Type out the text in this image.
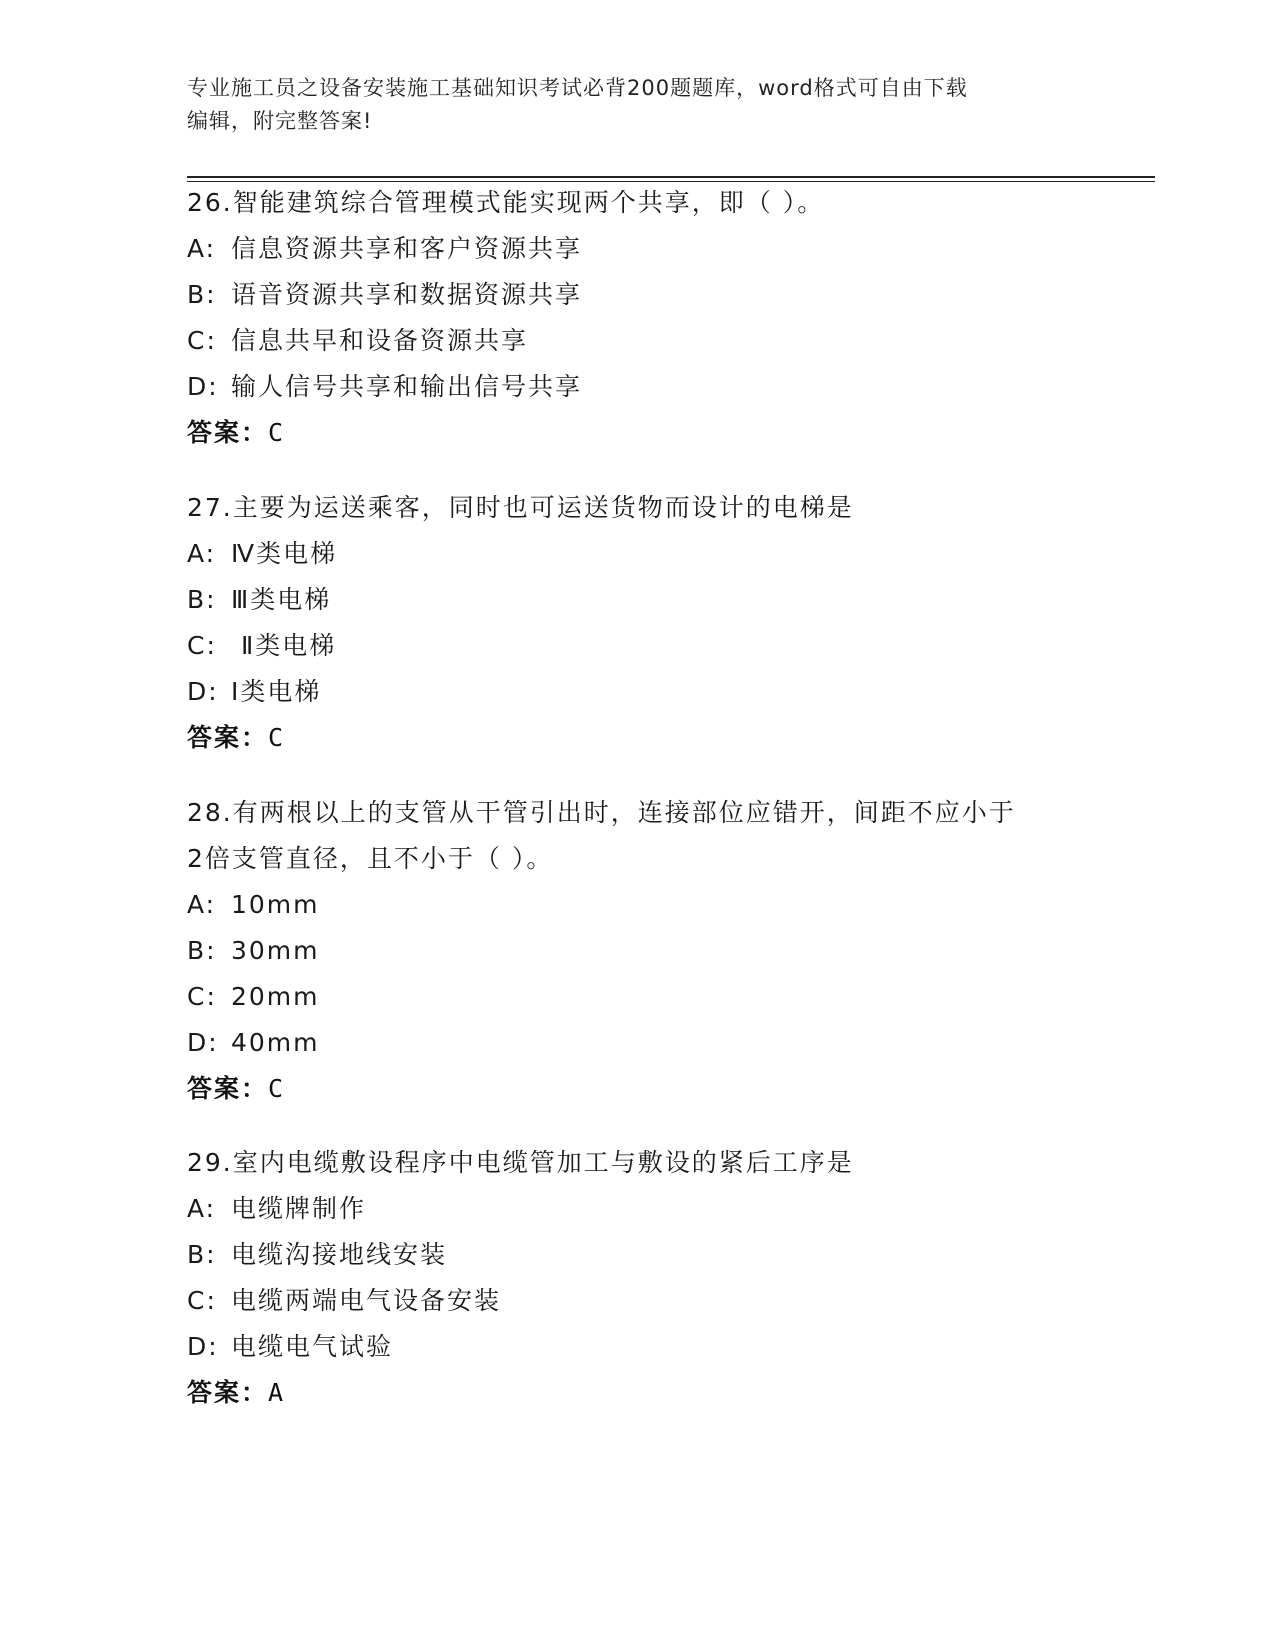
专业施工员之设备安装施工基础知识考试必背200题题库，word格式可自由下载
编辑，附完整答案!

26.智能建筑综合管理模式能实现两个共享，即（ ）。

A: 信息资源共享和客户资源共享

B: 语音资源共享和数据资源共享

C: 信息共早和设备资源共享

D: 输人信号共享和输出信号共享

答案：C

27.主要为运送乘客，同时也可运送货物而设计的电梯是

A: Ⅳ类电梯

B: Ⅲ类电梯

C: Ⅱ类电梯

D: Ⅰ类电梯

答案：C

28.有两根以上的支管从干管引出时，连接部位应错开，间距不应小于

2倍支管直径，且不小于（ ）。

A: 10mm

B: 30mm

C: 20mm

D: 40mm

答案：C

29.室内电缆敷设程序中电缆管加工与敷设的紧后工序是

A: 电缆牌制作

B: 电缆沟接地线安装

C: 电缆两端电气设备安装

D: 电缆电气试验

答案：A
